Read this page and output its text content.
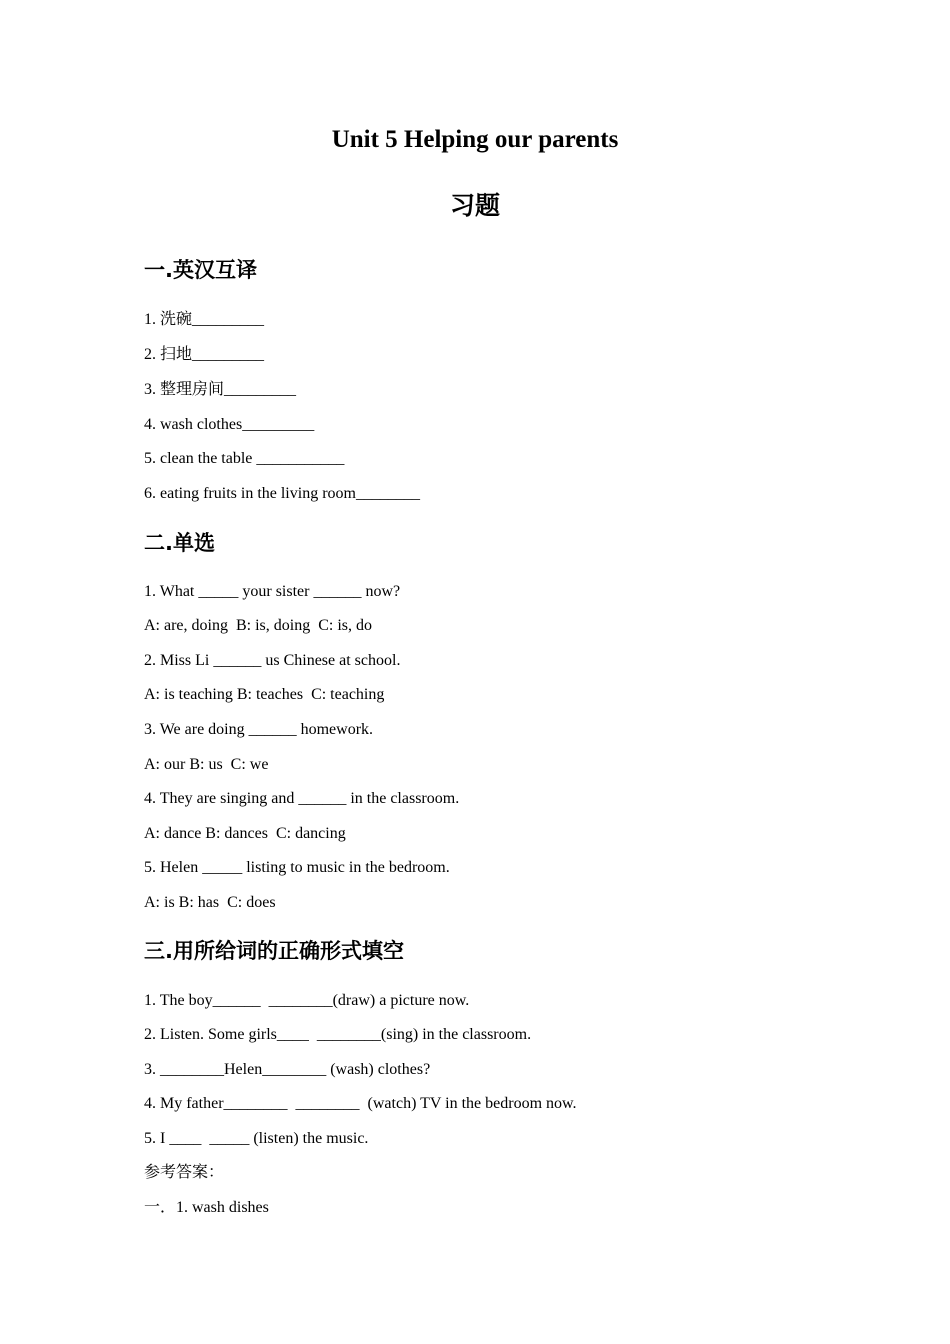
Unit 5 Helping our parents
习题
一.英汉互译
1. 洗碗_________
2. 扫地_________
3. 整理房间_________
4. wash clothes_________
5. clean the table ___________
6. eating fruits in the living room________
二.单选
1. What _____ your sister ______ now?
A: are, doing  B: is, doing  C: is, do
2. Miss Li ______ us Chinese at school.
A: is teaching B: teaches  C: teaching
3. We are doing ______ homework.
A: our B: us  C: we
4. They are singing and ______ in the classroom.
A: dance B: dances  C: dancing
5. Helen _____ listing to music in the bedroom.
A: is B: has  C: does
三.用所给词的正确形式填空
1. The boy______  ________(draw) a picture now.
2. Listen. Some girls____  ________(sing) in the classroom.
3. ________Helen________ (wash) clothes?
4. My father________  ________  (watch) TV in the bedroom now.
5. I ____  _____ (listen) the music.
参考答案：
一．1. wash dishes
